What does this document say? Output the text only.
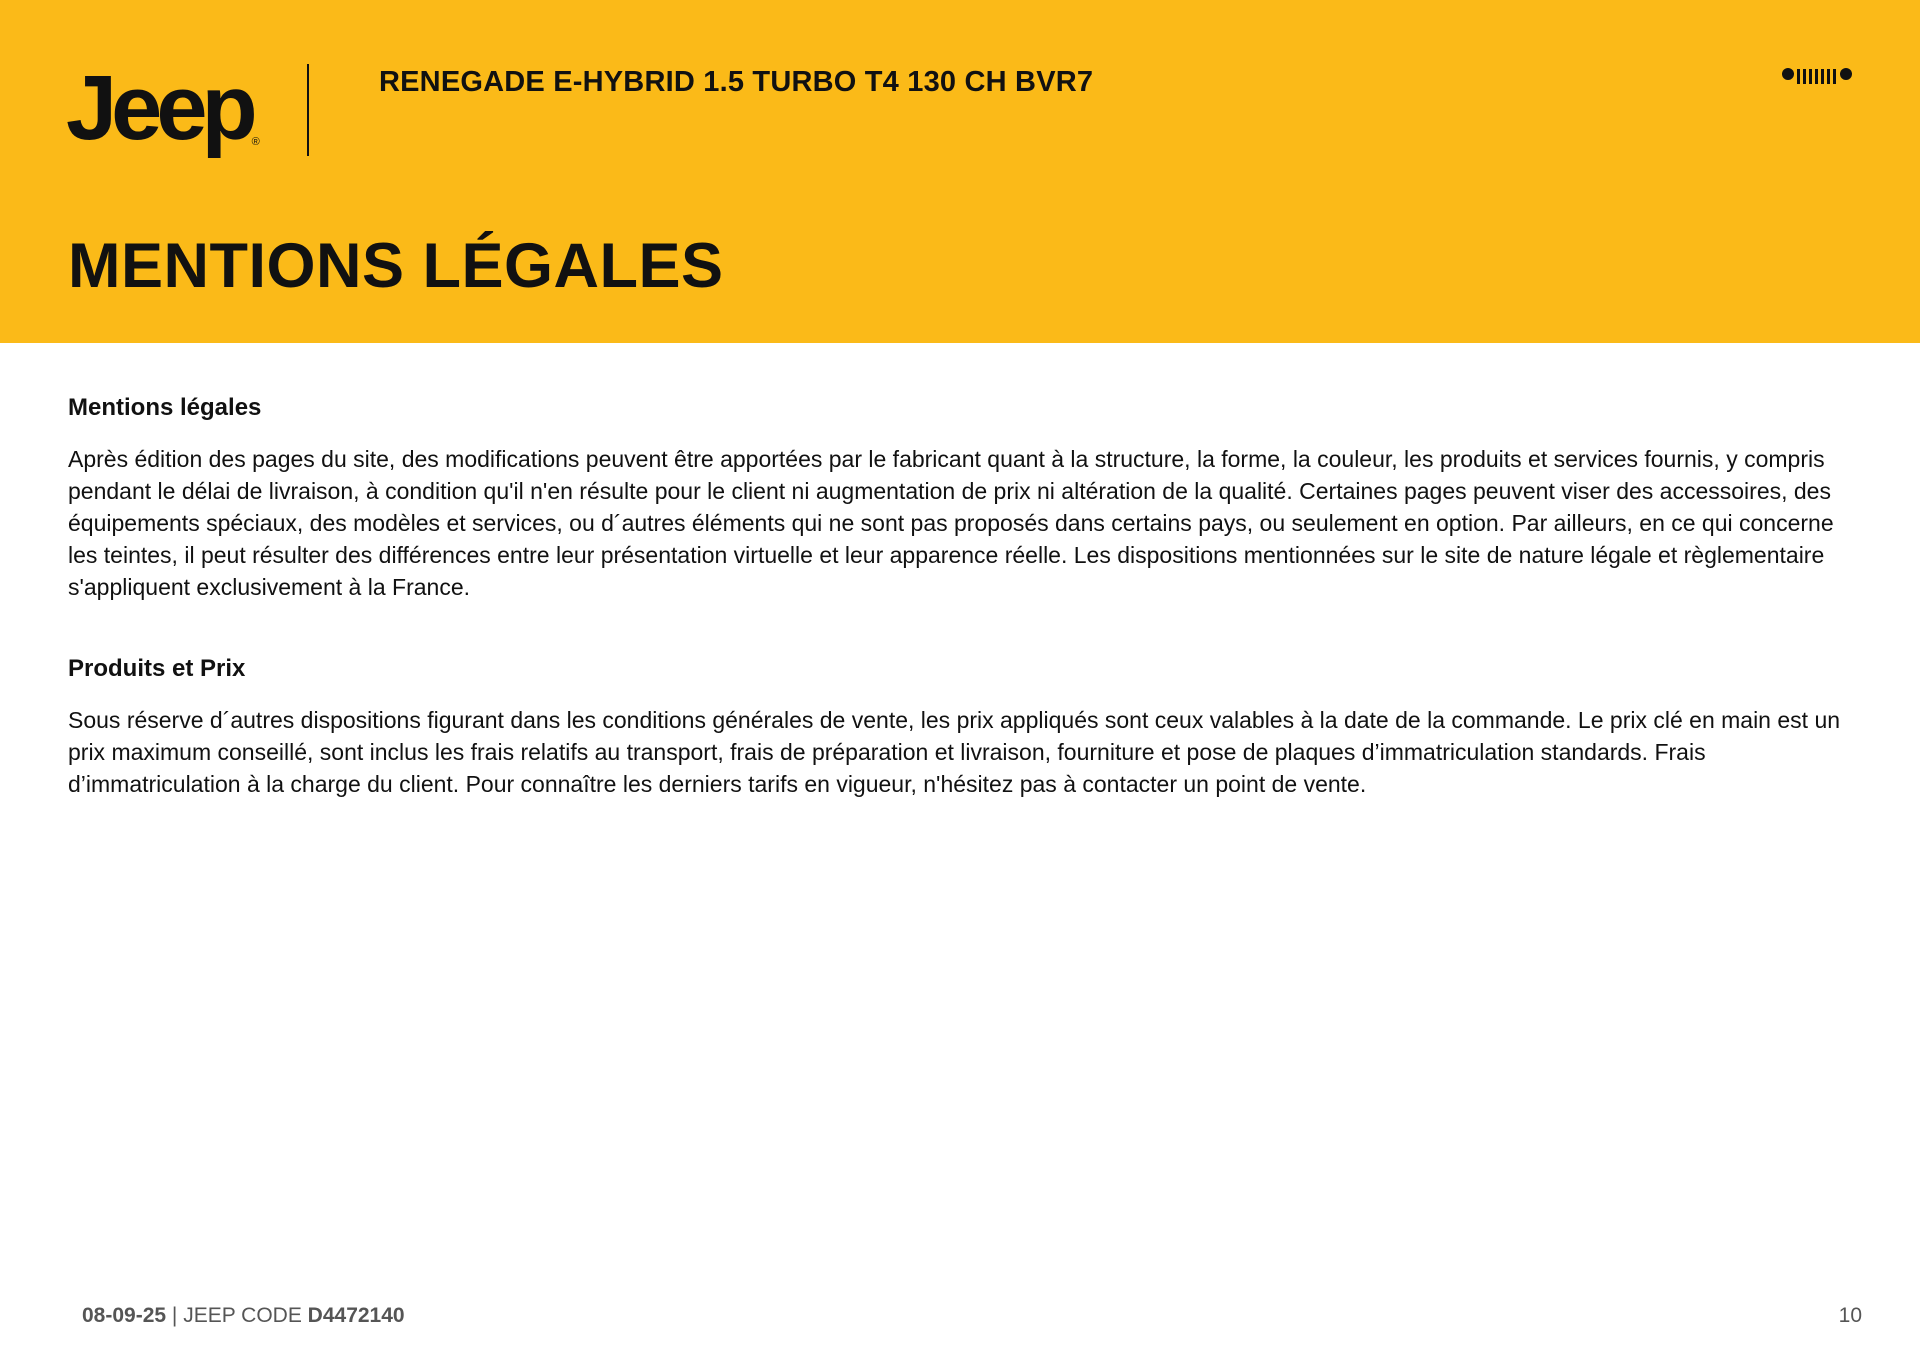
Jeep ®
RENEGADE E-HYBRID 1.5 TURBO T4 130 CH BVR7
MENTIONS LÉGALES
Mentions légales

Après édition des pages du site, des modifications peuvent être apportées par le fabricant quant à la structure, la forme, la couleur, les produits et services fournis, y compris pendant le délai de livraison, à condition qu'il n'en résulte pour le client ni augmentation de prix ni altération de la qualité. Certaines pages peuvent viser des accessoires, des équipements spéciaux, des modèles et services, ou d´autres éléments qui ne sont pas proposés dans certains pays, ou seulement en option. Par ailleurs, en ce qui concerne les teintes, il peut résulter des différences entre leur présentation virtuelle et leur apparence réelle. Les dispositions mentionnées sur le site de nature légale et règlementaire s'appliquent exclusivement à la France.

Produits et Prix

Sous réserve d´autres dispositions figurant dans les conditions générales de vente, les prix appliqués sont ceux valables à la date de la commande. Le prix clé en main est un prix maximum conseillé, sont inclus les frais relatifs au transport, frais de préparation et livraison, fourniture et pose de plaques d’immatriculation standards. Frais d’immatriculation à la charge du client. Pour connaître les derniers tarifs en vigueur, n'hésitez pas à contacter un point de vente.

08-09-25 | JEEP CODE D4472140	10
